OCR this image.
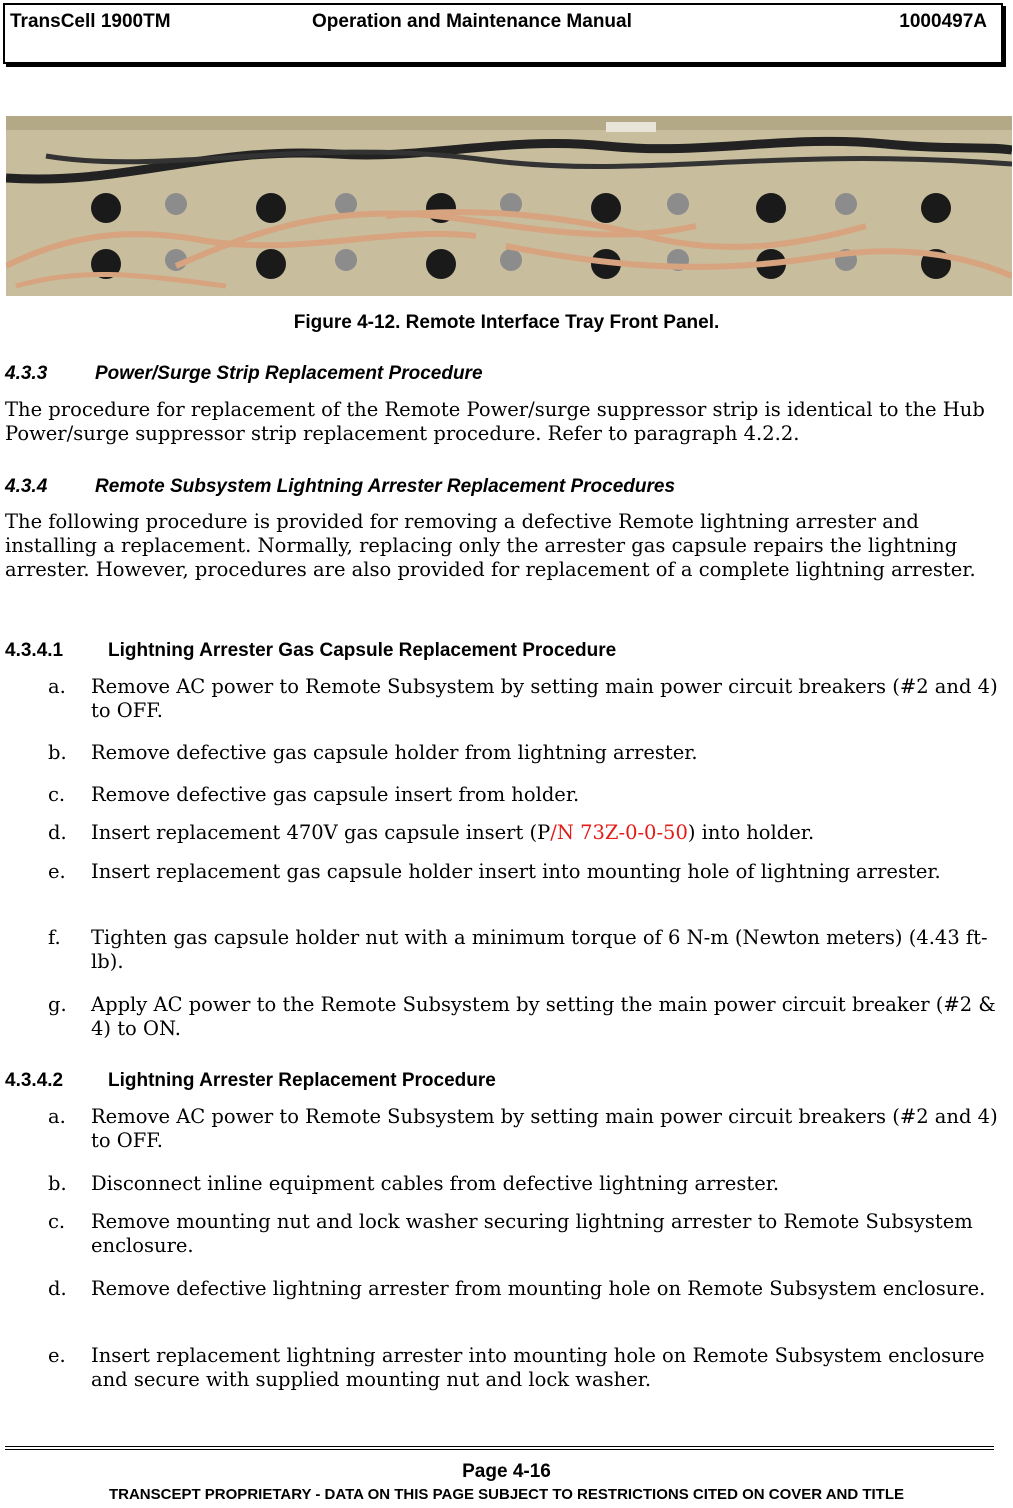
TransCell 1900TM	Operation and Maintenance Manual	1000497A
Figure 4-12. Remote Interface Tray Front Panel.
4.3.3	Power/Surge Strip Replacement Procedure
The procedure for replacement of the Remote Power/surge suppressor strip is identical to the Hub Power/surge suppressor strip replacement procedure. Refer to paragraph 4.2.2.
4.3.4	Remote Subsystem Lightning Arrester Replacement Procedures
The following procedure is provided for removing a defective Remote lightning arrester and installing a replacement. Normally, replacing only the arrester gas capsule repairs the lightning arrester. However, procedures are also provided for replacement of a complete lightning arrester.
4.3.4.1 Lightning Arrester Gas Capsule Replacement Procedure
a. Remove AC power to Remote Subsystem by setting main power circuit breakers (#2 and 4) to OFF.
b. Remove defective gas capsule holder from lightning arrester.
c. Remove defective gas capsule insert from holder.
d. Insert replacement 470V gas capsule insert (P/N 73Z-0-0-50) into holder.
e. Insert replacement gas capsule holder insert into mounting hole of lightning arrester.
f. Tighten gas capsule holder nut with a minimum torque of 6 N-m (Newton meters) (4.43 ft-lb).
g. Apply AC power to the Remote Subsystem by setting the main power circuit breaker (#2 & 4) to ON.
4.3.4.2 Lightning Arrester Replacement Procedure
a. Remove AC power to Remote Subsystem by setting main power circuit breakers (#2 and 4) to OFF.
b. Disconnect inline equipment cables from defective lightning arrester.
c. Remove mounting nut and lock washer securing lightning arrester to Remote Subsystem enclosure.
d. Remove defective lightning arrester from mounting hole on Remote Subsystem enclosure.
e. Insert replacement lightning arrester into mounting hole on Remote Subsystem enclosure and secure with supplied mounting nut and lock washer.
Page 4-16
TRANSCEPT PROPRIETARY - DATA ON THIS PAGE SUBJECT TO RESTRICTIONS CITED ON COVER AND TITLE
